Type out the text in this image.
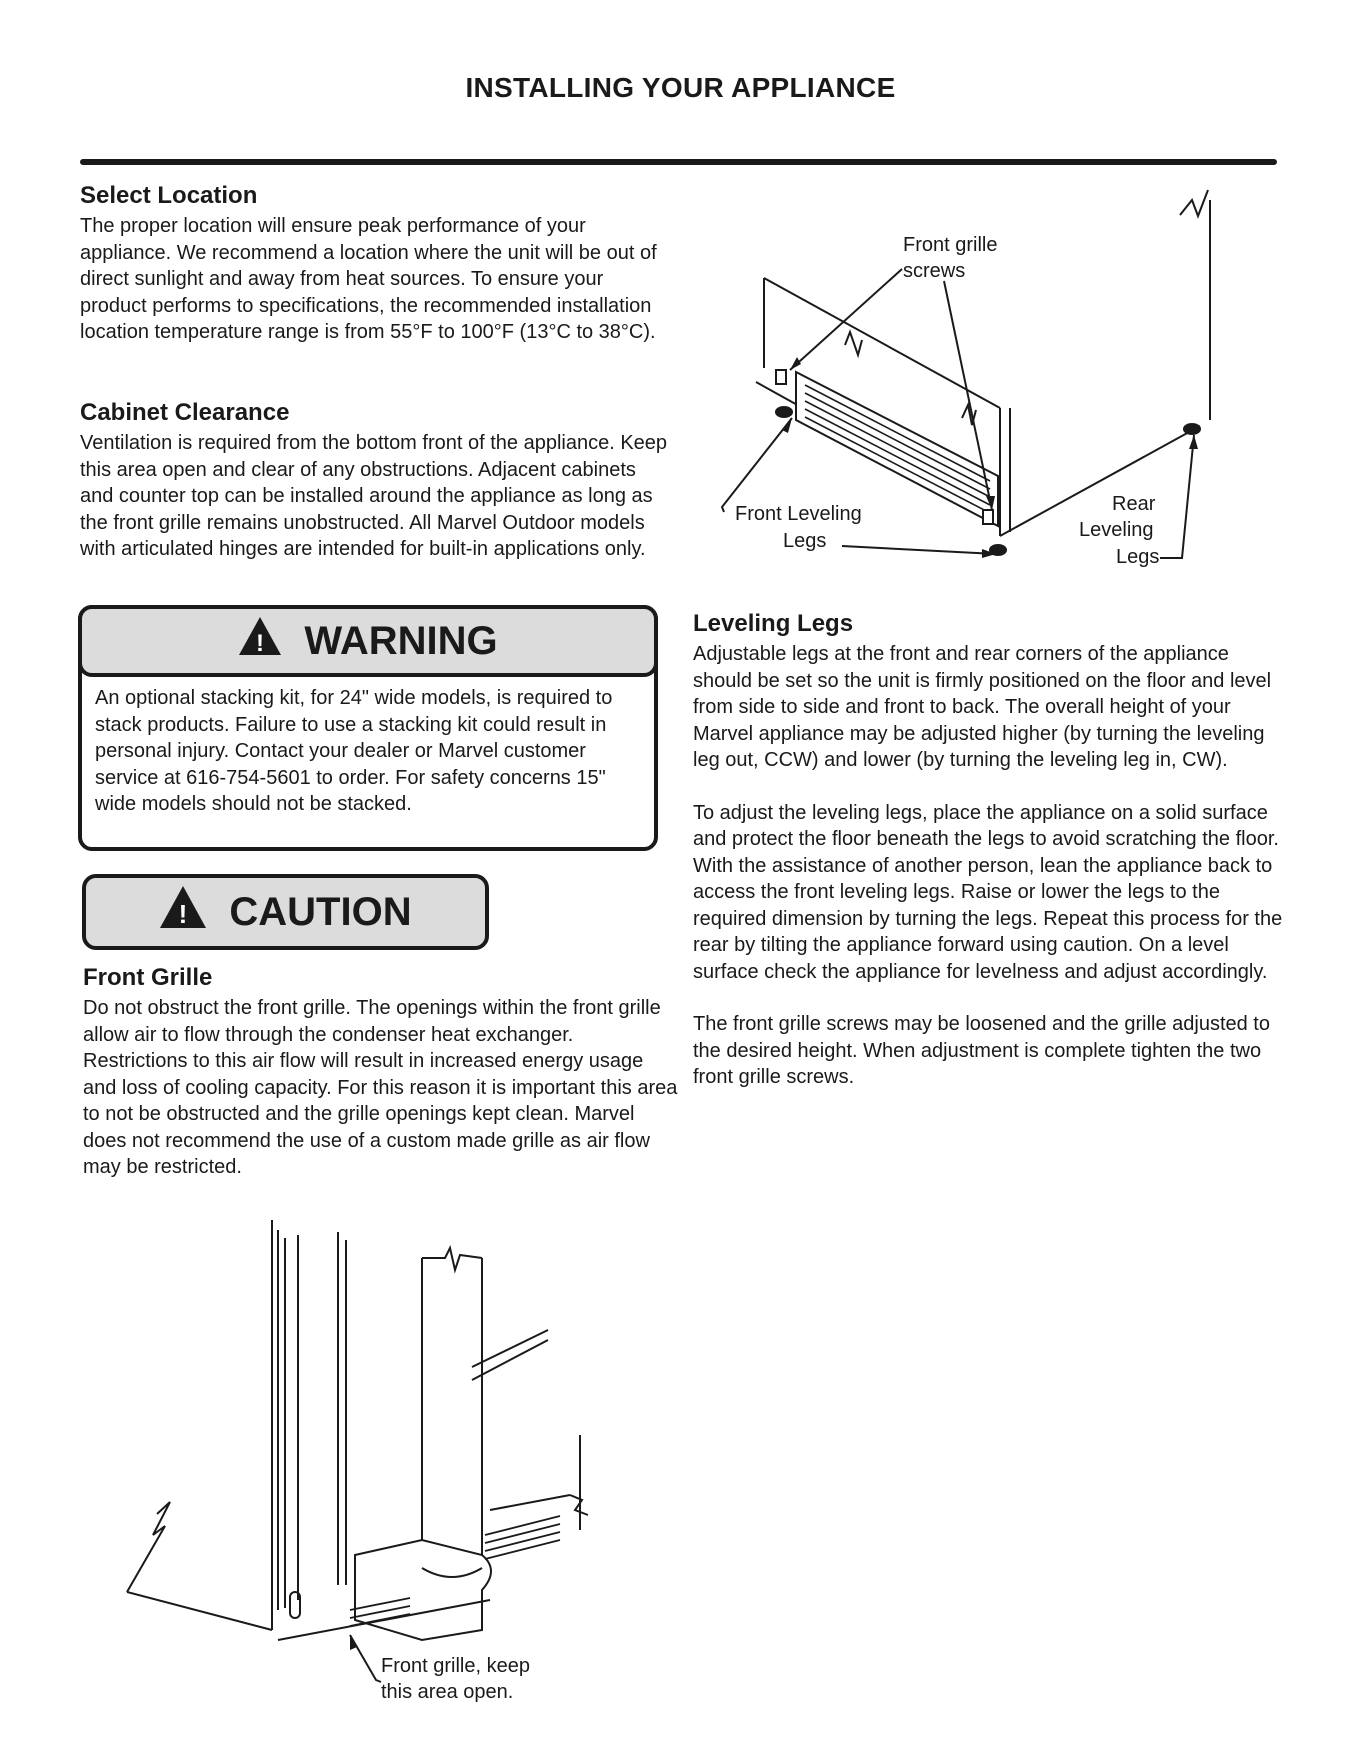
INSTALLING YOUR APPLIANCE
Select Location
The proper location will ensure peak performance of your appliance. We recommend a location where the unit will be out of direct sunlight and away from heat sources. To ensure your product performs to specifications, the recommended installation location temperature range is from 55°F to 100°F (13°C to 38°C).
Cabinet Clearance
Ventilation is required from the bottom front of the appliance. Keep this area open and clear of any obstructions. Adjacent cabinets and counter top can be installed around the appliance as long as the front grille remains unobstructed. All Marvel Outdoor models with articulated hinges are intended for built-in applications only.
! WARNING
An optional stacking kit, for 24" wide models, is required to stack products. Failure to use a stacking kit could result in personal injury. Contact your dealer or Marvel customer service at 616-754-5601 to order. For safety concerns 15" wide models should not be stacked.
! CAUTION
Front Grille
Do not obstruct the front grille. The openings within the front grille allow air to flow through the condenser heat exchanger. Restrictions to this air flow will result in increased energy usage and loss of cooling capacity. For this reason it is important this area to not be obstructed and the grille openings kept clean. Marvel does not recommend the use of a custom made grille as air flow may be restricted.
Leveling Legs
Adjustable legs at the front and rear corners of the appliance should be set so the unit is firmly positioned on the floor and level from side to side and front to back. The overall height of your Marvel appliance may be adjusted higher (by turning the leveling leg out, CCW) and lower (by turning the leveling leg in, CW).
To adjust the leveling legs, place the appliance on a solid surface and protect the floor beneath the legs to avoid scratching the floor. With the assistance of another person, lean the appliance back to access the front leveling legs. Raise or lower the legs to the required dimension by turning the legs. Repeat this process for the rear by tilting the appliance forward using caution. On a level surface check the appliance for levelness and adjust accordingly.
The front grille screws may be loosened and the grille adjusted to the desired height. When adjustment is complete tighten the two front grille screws.
Front grille
screws
Front Leveling
Legs
Rear
Leveling
Legs
Front grille, keep
this area open.
